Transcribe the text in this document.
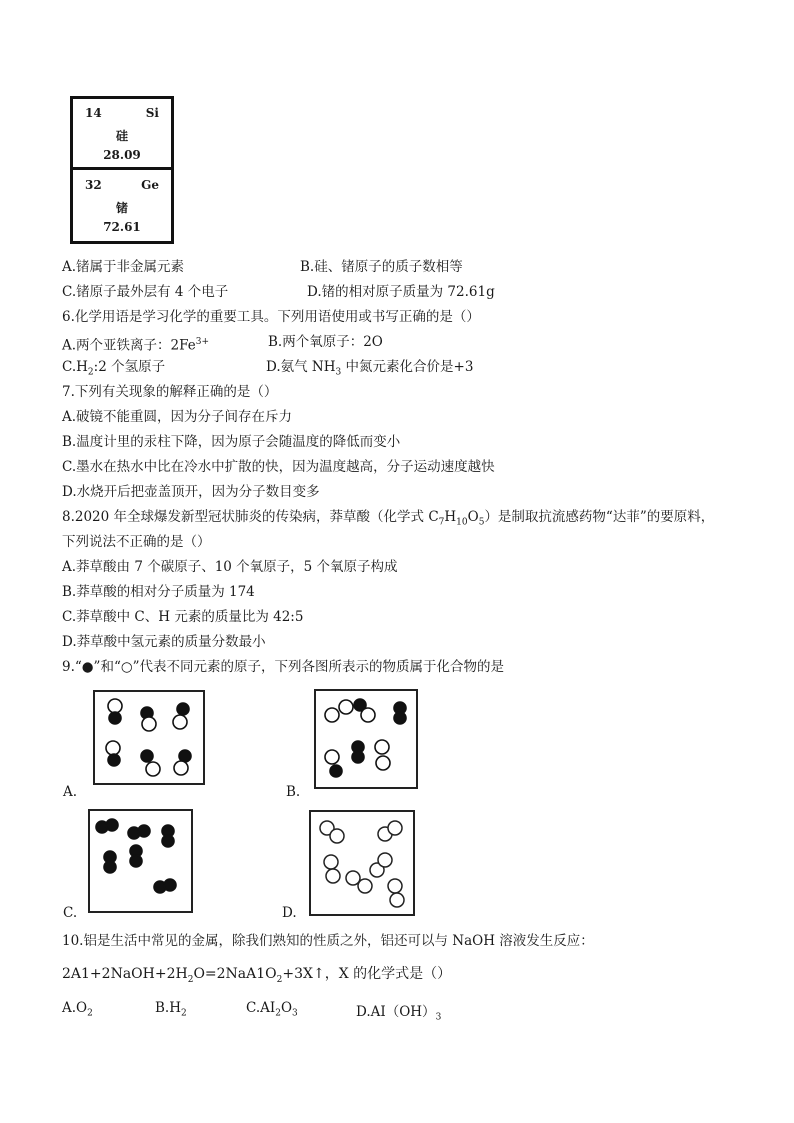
14	Si
硅
28.09
32	Ge
锗
72.61
A.锗属于非金属元素	B.硅、锗原子的质子数相等
C.锗原子最外层有 4 个电子	D.锗的相对原子质量为 72.61g
6.化学用语是学习化学的重要工具。下列用语使用或书写正确的是（）
A.两个亚铁离子：$2Fe^{3+}$	B.两个氧原子：2O
$C.H_2:2$ 个氢原子	D.氨气 $NH_3$ 中氮元素化合价是+3
7.下列有关现象的解释正确的是（）
A.破镜不能重圆，因为分子间存在斥力
B.温度计里的汞柱下降，因为原子会随温度的降低而变小
C.墨水在热水中比在冷水中扩散的快，因为温度越高，分子运动速度越快
D.水烧开后把壶盖顶开，因为分子数目变多
8.2020 年全球爆发新型冠状肺炎的传染病，莽草酸（化学式 $C_7H_{10}O_5$）是制取抗流感药物“达菲”的要原料，
下列说法不正确的是（）
A.莽草酸由 7 个碳原子、10 个氧原子，5 个氧原子构成
B.莽草酸的相对分子质量为 174
C.莽草酸中 C、H 元素的质量比为 42:5
D.莽草酸中氢元素的质量分数最小
9.“●”和“○”代表不同元素的原子，下列各图所表示的物质属于化合物的是
A.	B.
C.	D.
10.铝是生活中常见的金属，除我们熟知的性质之外，铝还可以与 NaOH 溶液发生反应：
$2A1+2NaOH+2H_2O=2NaA1O_2+3X↑$，X 的化学式是（）
$A.O_2$	$B.H_2$	$C.AI_2O_3$	$D.AI(OH)_3$
